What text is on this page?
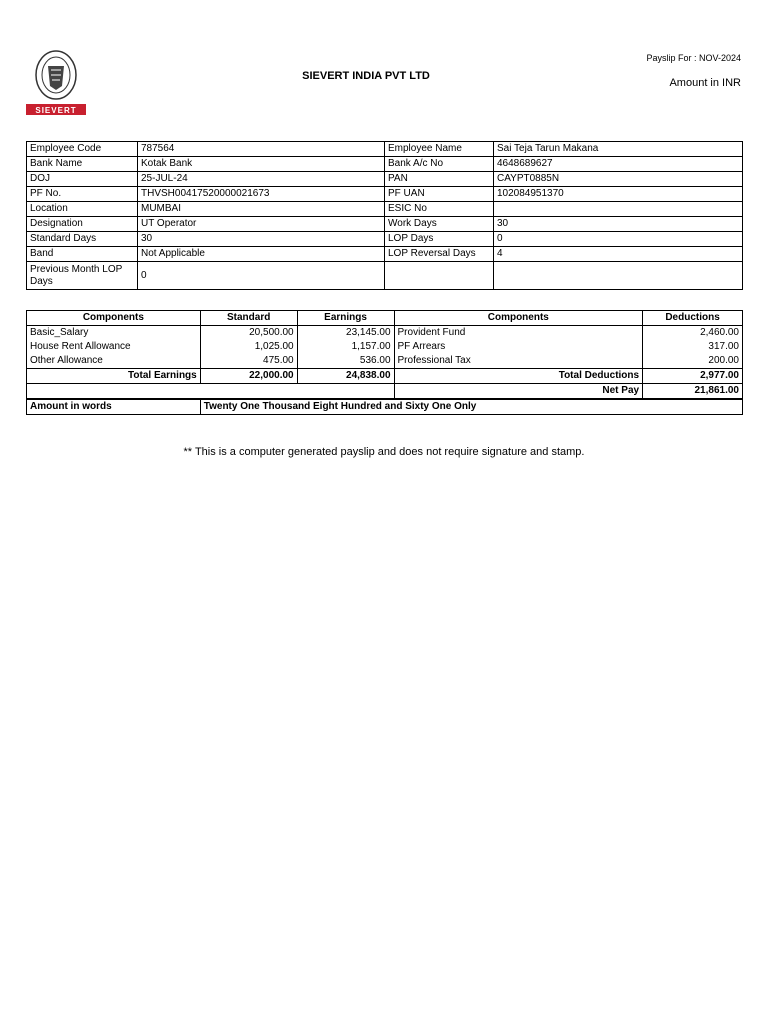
SIEVERT
SIEVERT INDIA PVT LTD
Payslip For : NOV-2024
Amount in INR
Employee Code	787564	Employee Name	Sai Teja Tarun Makana
Bank Name	Kotak Bank	Bank A/c No	4648689627
DOJ	25-JUL-24	PAN	CAYPT0885N
PF No.	THVSH00417520000021673	PF UAN	102084951370
Location	MUMBAI	ESIC No	
Designation	UT Operator	Work Days	30
Standard Days	30	LOP Days	0
Band	Not Applicable	LOP Reversal Days	4
Previous Month LOP Days	0		
Components	Standard	Earnings	Components	Deductions
Basic_Salary	20,500.00	23,145.00	Provident Fund	2,460.00
House Rent Allowance	1,025.00	1,157.00	PF Arrears	317.00
Other Allowance	475.00	536.00	Professional Tax	200.00
Total Earnings	22,000.00	24,838.00	Total Deductions	2,977.00
			Net Pay	21,861.00
Amount in words	Twenty One Thousand Eight Hundred and Sixty One Only			
** This is a computer generated payslip and does not require signature and stamp.
